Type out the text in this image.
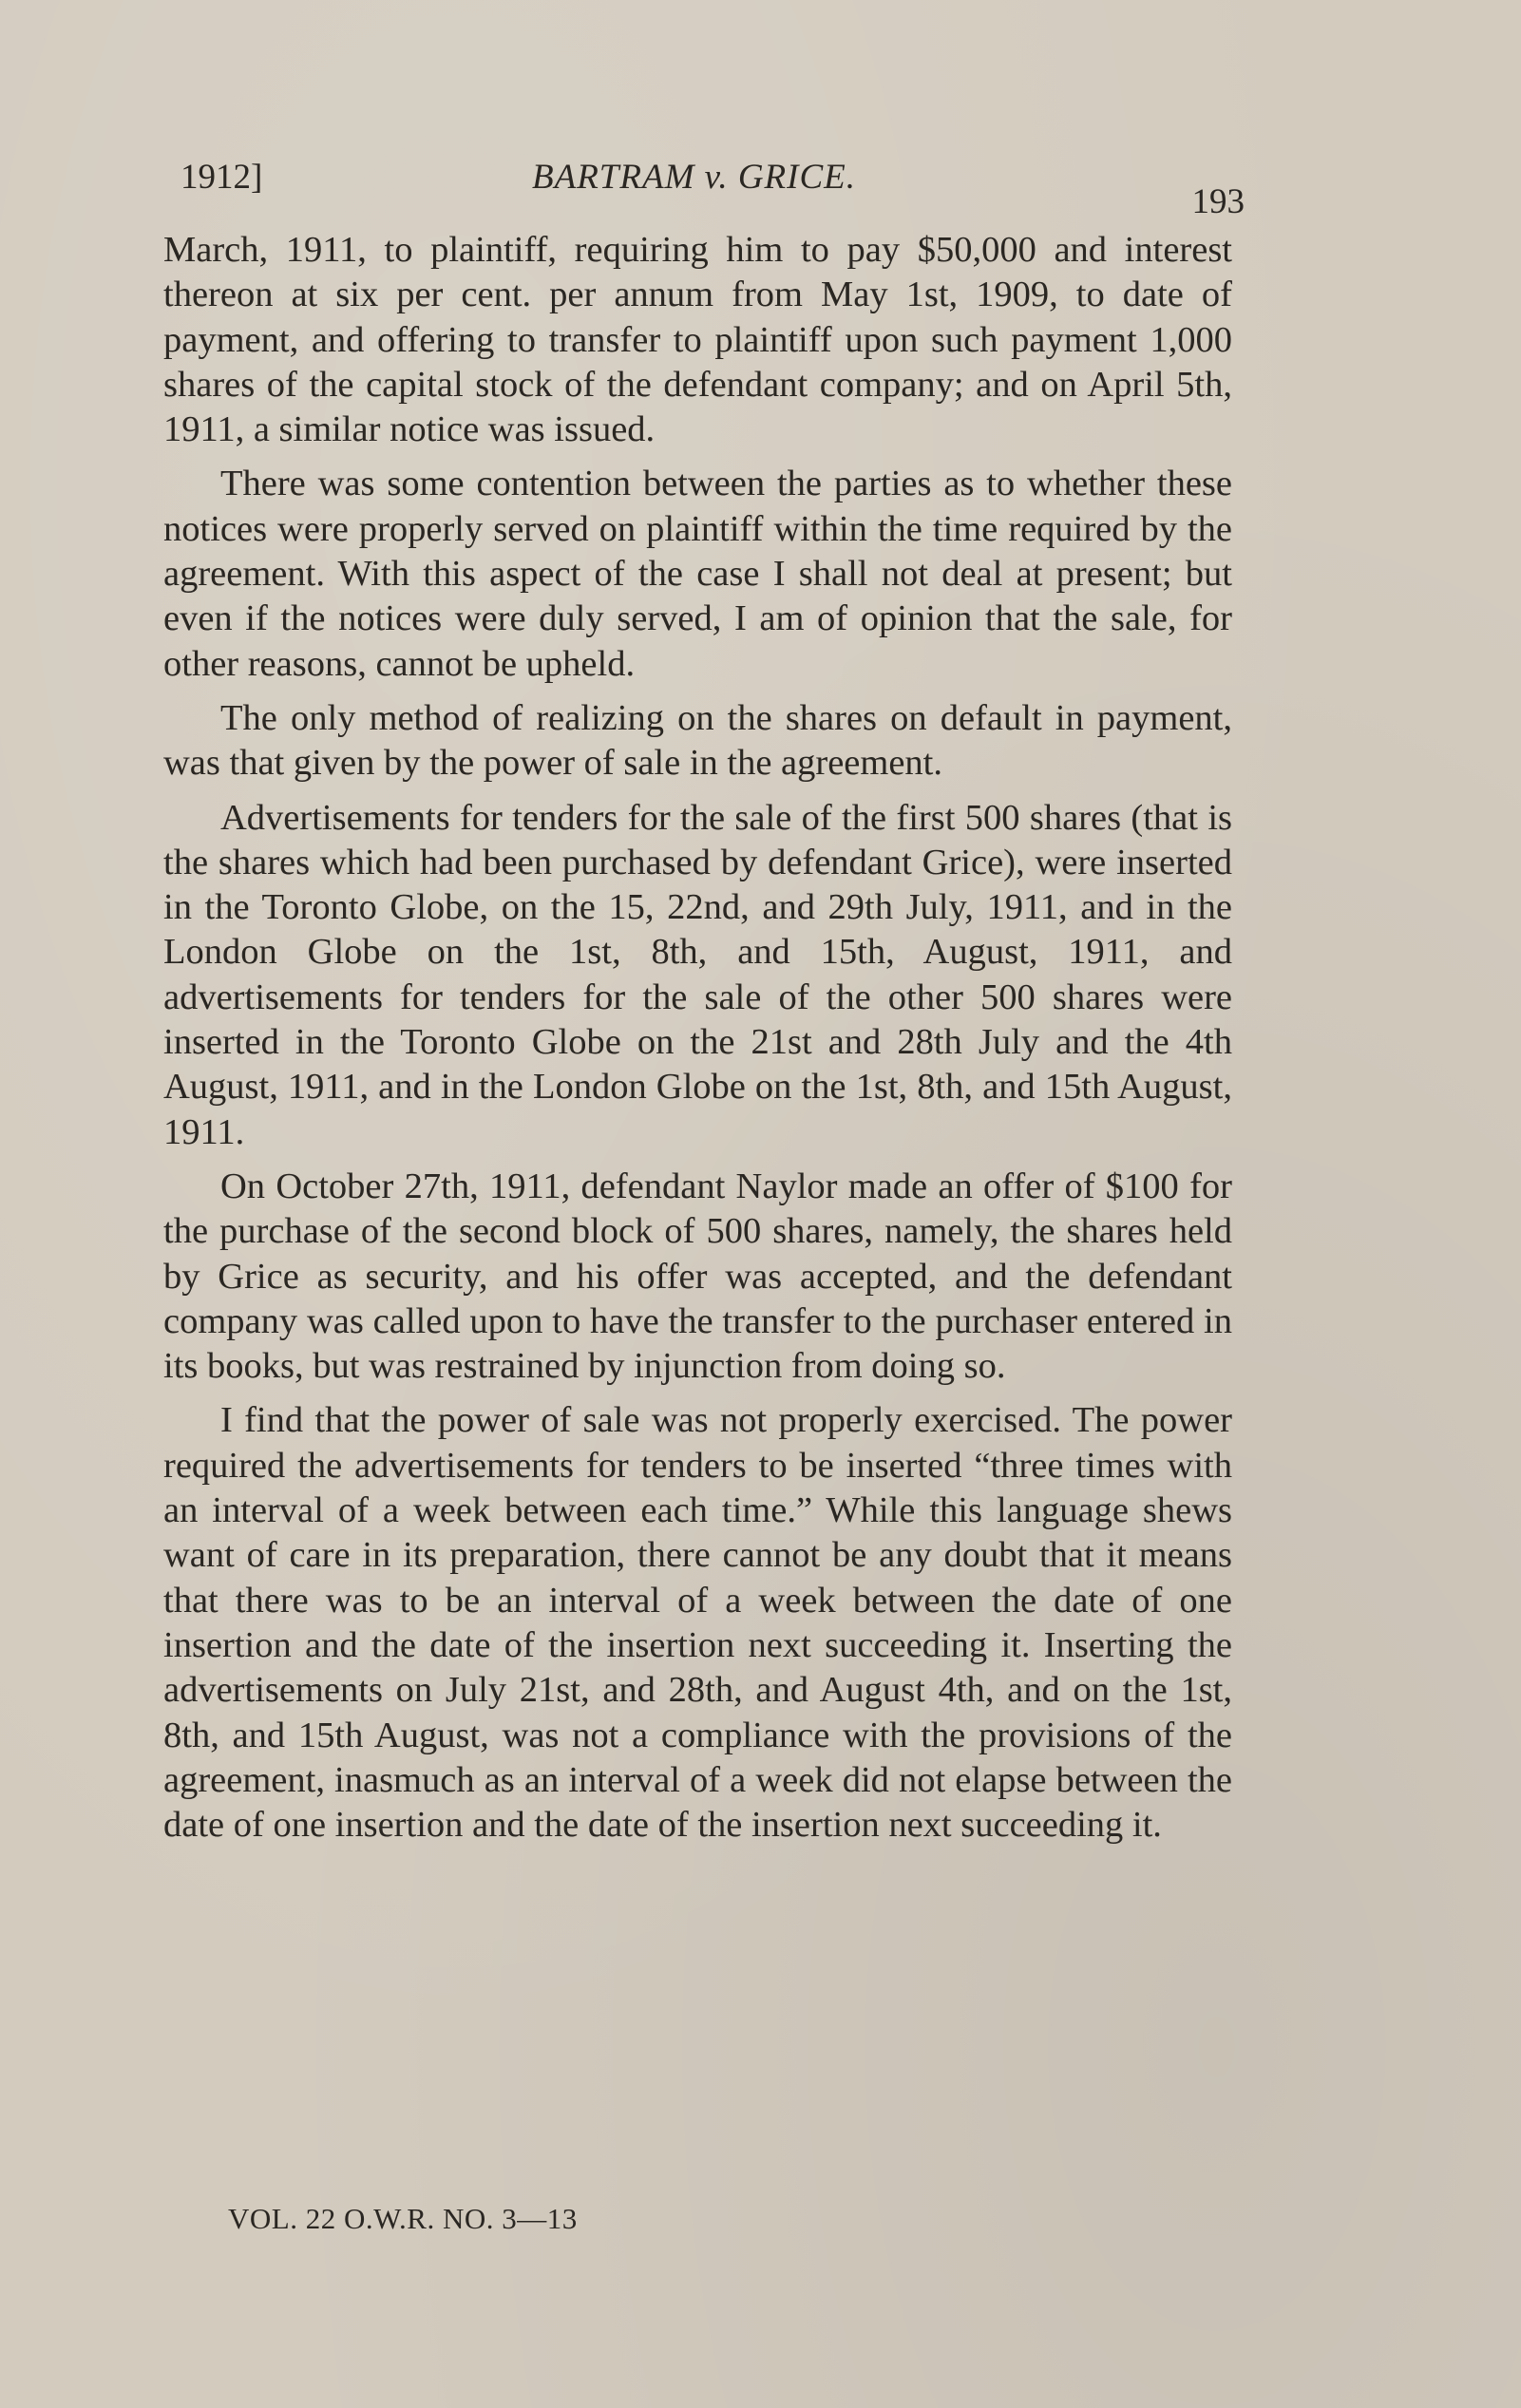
1912]	BARTRAM v. GRICE.
193

March, 1911, to plaintiff, requiring him to pay $50,000 and interest thereon at six per cent. per annum from May 1st, 1909, to date of payment, and offering to transfer to plaintiff upon such payment 1,000 shares of the capital stock of the defendant company; and on April 5th, 1911, a similar notice was issued.

There was some contention between the parties as to whether these notices were properly served on plaintiff within the time required by the agreement. With this aspect of the case I shall not deal at present; but even if the notices were duly served, I am of opinion that the sale, for other reasons, cannot be upheld.

The only method of realizing on the shares on default in payment, was that given by the power of sale in the agreement.

Advertisements for tenders for the sale of the first 500 shares (that is the shares which had been purchased by defendant Grice), were inserted in the Toronto Globe, on the 15, 22nd, and 29th July, 1911, and in the London Globe on the 1st, 8th, and 15th, August, 1911, and advertisements for tenders for the sale of the other 500 shares were inserted in the Toronto Globe on the 21st and 28th July and the 4th August, 1911, and in the London Globe on the 1st, 8th, and 15th August, 1911.

On October 27th, 1911, defendant Naylor made an offer of $100 for the purchase of the second block of 500 shares, namely, the shares held by Grice as security, and his offer was accepted, and the defendant company was called upon to have the transfer to the purchaser entered in its books, but was restrained by injunction from doing so.

I find that the power of sale was not properly exercised. The power required the advertisements for tenders to be inserted “three times with an interval of a week between each time.” While this language shews want of care in its preparation, there cannot be any doubt that it means that there was to be an interval of a week between the date of one insertion and the date of the insertion next succeeding it. Inserting the advertisements on July 21st, and 28th, and August 4th, and on the 1st, 8th, and 15th August, was not a compliance with the provisions of the agreement, inasmuch as an interval of a week did not elapse between the date of one insertion and the date of the insertion next succeeding it.

VOL. 22 O.W.R. NO. 3—13
